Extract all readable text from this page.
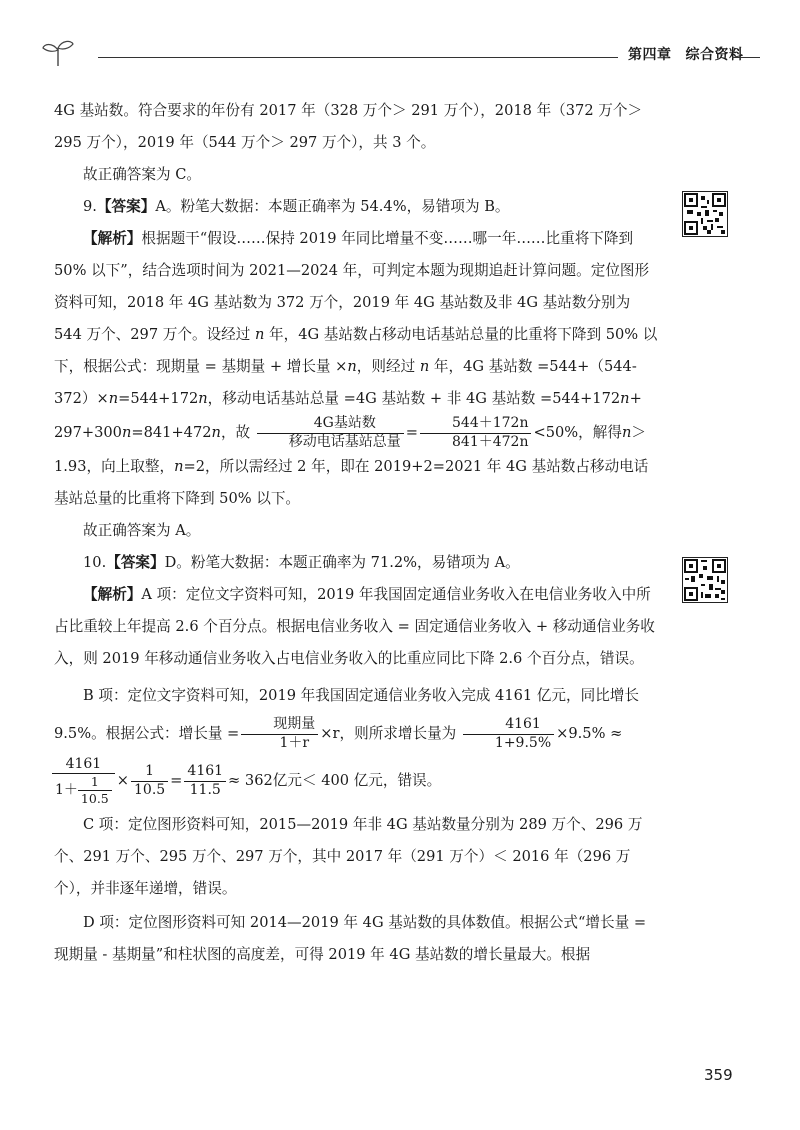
第四章 综合资料

4G 基站数。符合要求的年份有 2017 年（328 万个＞ 291 万个），2018 年（372 万个＞ 295 万个），2019 年（544 万个＞ 297 万个），共 3 个。

故正确答案为 C。

9.【答案】A。粉笔大数据：本题正确率为 54.4%，易错项为 B。

【解析】根据题干“假设……保持 2019 年同比增量不变……哪一年……比重将下降到 50% 以下”，结合选项时间为 2021—2024 年，可判定本题为现期追赶计算问题。定位图形资料可知，2018 年 4G 基站数为 372 万个，2019 年 4G 基站数及非 4G 基站数分别为 544 万个、297 万个。设经过 n 年，4G 基站数占移动电话基站总量的比重将下降到 50% 以下，根据公式：现期量 = 基期量 + 增长量 ×n，则经过 n 年，4G 基站数 =544+（544-372）×n=544+172n，移动电话基站总量 =4G 基站数 + 非 4G 基站数 =544+172n+ 297+300n=841+472n，故 $\frac{\text{4G基站数}}{\text{移动电话基站总量}} = \frac{544+172n}{841+472n} <50\%$，解得n＞ 1.93，向上取整，n=2，所以需经过 2 年，即在 2019+2=2021 年 4G 基站数占移动电话基站总量的比重将下降到 50% 以下。

故正确答案为 A。

10.【答案】D。粉笔大数据：本题正确率为 71.2%，易错项为 A。

【解析】A 项：定位文字资料可知，2019 年我国固定通信业务收入在电信业务收入中所占比重较上年提高 2.6 个百分点。根据电信业务收入 = 固定通信业务收入 + 移动通信业务收入，则 2019 年移动通信业务收入占电信业务收入的比重应同比下降 2.6 个百分点，错误。

B 项：定位文字资料可知，2019 年我国固定通信业务收入完成 4161 亿元，同比增长 9.5%。根据公式：增长量 = $\frac{\text{现期量}}{1+r} \times r$，则所求增长量为 $\frac{4161}{1+9.5\%} \times 9.5\%$ ≈

$\frac{4161}{1+ \frac{1}{10.5}} \times \frac{1}{10.5} = \frac{4161}{11.5} \approx 362$亿元＜ 400 亿元，错误。

C 项：定位图形资料可知，2015—2019 年非 4G 基站数量分别为 289 万个、296 万个、291 万个、295 万个、297 万个，其中 2017 年（291 万个）＜ 2016 年（296 万个），并非逐年递增，错误。

D 项：定位图形资料可知 2014—2019 年 4G 基站数的具体数值。根据公式“增长量 = 现期量 - 基期量”和柱状图的高度差，可得 2019 年 4G 基站数的增长量最大。根据

359
